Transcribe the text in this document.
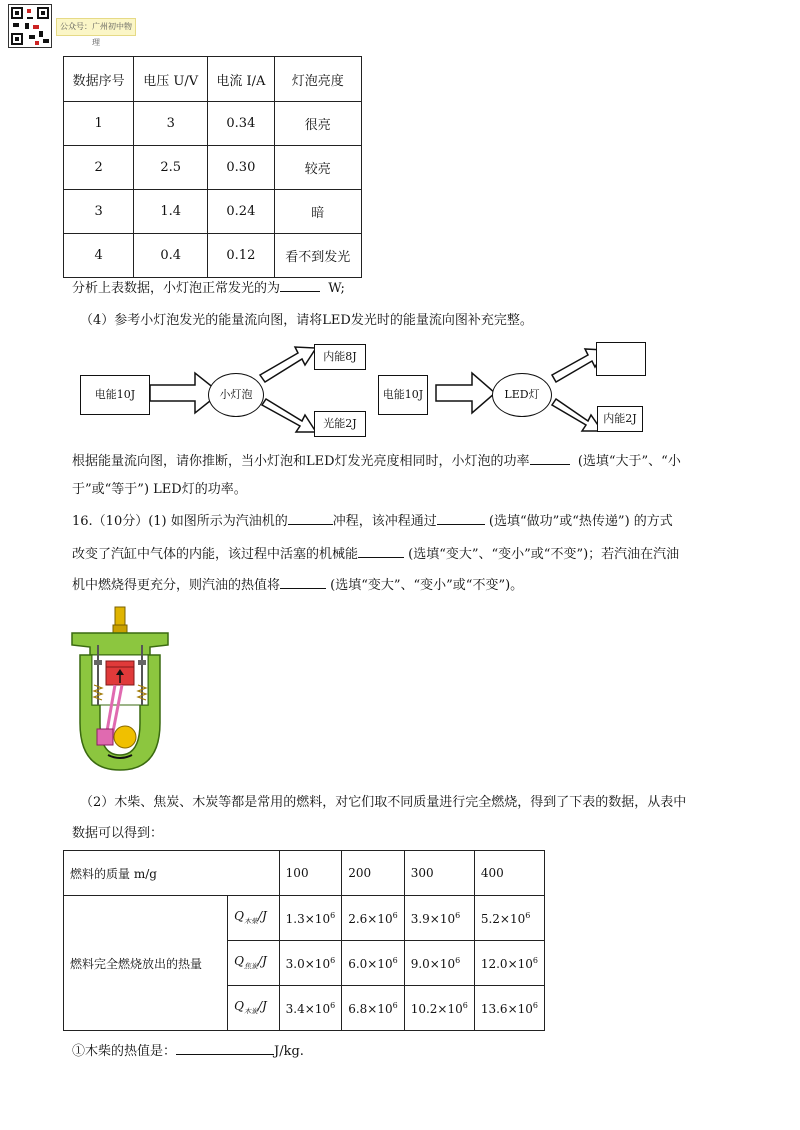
公众号：广州初中物理
数据序号	电压 U/V	电流 I/A	灯泡亮度
1	3	0.34	很亮
2	2.5	0.30	较亮
3	1.4	0.24	暗
4	0.4	0.12	看不到发光
分析上表数据，小灯泡正常发光的为	W;
（4）参考小灯泡发光的能量流向图，请将LED发光时的能量流向图补充完整。
电能10J	小灯泡
内能8J
光能2J
电能10J	LED灯
内能2J
根据能量流向图，请你推断，当小灯泡和LED灯发光亮度相同时，小灯泡的功率	(选填“大于”、“小
于”或“等于”) LED灯的功率。
16.（10分）(1) 如图所示为汽油机的	冲程，该冲程通过	(选填“做功”或“热传递”) 的方式
改变了汽缸中气体的内能，该过程中活塞的机械能	(选填“变大”、“变小”或“不变”)；若汽油在汽油
机中燃烧得更充分，则汽油的热值将	(选填“变大”、“变小”或“不变”)。
（2）木柴、焦炭、木炭等都是常用的燃料，对它们取不同质量进行完全燃烧，得到了下表的数据，从表中
数据可以得到：
燃料的质量 m/g		100	200	300	400
燃料完全燃烧放出的热量	$Q_{木柴}/J$	$1.3\times 10^6$	$2.6\times 10^6$	$3.9\times 10^6$	$5.2\times 10^6$
	$Q_{焦炭}/J$	$3.0\times 10^6$	$6.0\times 10^6$	$9.0\times 10^6$	$12.0\times 10^6$
	$Q_{木炭}/J$	$3.4\times 10^6$	$6.8\times 10^6$	$10.2\times 10^6$	$13.6\times 10^6$
①木柴的热值是：	J/kg.
